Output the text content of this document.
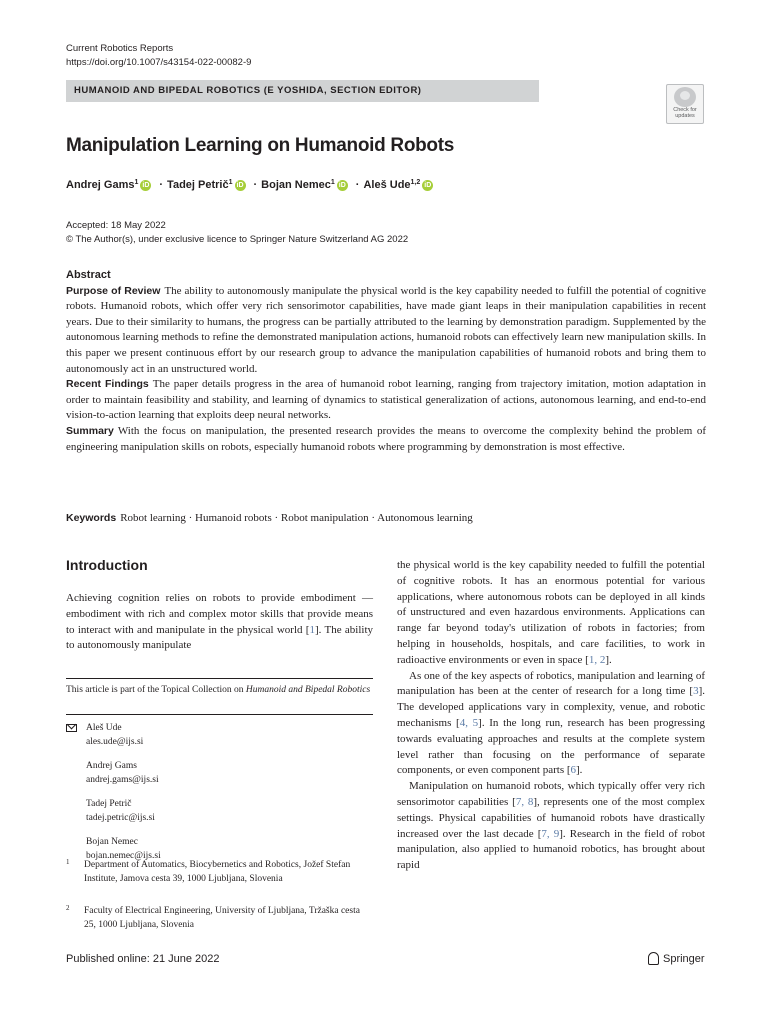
Current Robotics Reports
https://doi.org/10.1007/s43154-022-00082-9
HUMANOID AND BIPEDAL ROBOTICS (E YOSHIDA, SECTION EDITOR)
Check for updates
Manipulation Learning on Humanoid Robots
Andrej Gams$^1$ iD · Tadej Petrič$^1$ iD · Bojan Nemec$^1$ iD · Aleš Ude$^{1,2}$ iD
Accepted: 18 May 2022
© The Author(s), under exclusive licence to Springer Nature Switzerland AG 2022
Abstract
Purpose of Review The ability to autonomously manipulate the physical world is the key capability needed to fulfill the potential of cognitive robots. Humanoid robots, which offer very rich sensorimotor capabilities, have made giant leaps in their manipulation capabilities in recent years. Due to their similarity to humans, the progress can be partially attributed to the learning by demonstration paradigm. Supplemented by the autonomous learning methods to refine the demonstrated manipulation actions, humanoid robots can effectively learn new manipulation skills. In this paper we present continuous effort by our research group to advance the manipulation capabilities of humanoid robots and bring them to autonomously act in an unstructured world.
Recent Findings The paper details progress in the area of humanoid robot learning, ranging from trajectory imitation, motion adaptation in order to maintain feasibility and stability, and learning of dynamics to statistical generalization of actions, autonomous learning, and end-to-end vision-to-action learning that exploits deep neural networks.
Summary With the focus on manipulation, the presented research provides the means to overcome the complexity behind the problem of engineering manipulation skills on robots, especially humanoid robots where programming by demonstration is most effective.
Keywords Robot learning · Humanoid robots · Robot manipulation · Autonomous learning
Introduction

Achieving cognition relies on robots to provide embodiment — embodiment with rich and complex motor skills that provide means to interact with and manipulate in the physical world [1]. The ability to autonomously manipulate

This article is part of the Topical Collection on Humanoid and Bipedal Robotics
Aleš Ude
ales.ude@ijs.si
Andrej Gams
andrej.gams@ijs.si
Tadej Petrič
tadej.petric@ijs.si
Bojan Nemec
bojan.nemec@ijs.si
1	Department of Automatics, Biocybernetics and Robotics, Jožef Stefan Institute, Jamova cesta 39, 1000 Ljubljana, Slovenia
2	Faculty of Electrical Engineering, University of Ljubljana, Tržaška cesta 25, 1000 Ljubljana, Slovenia

the physical world is the key capability needed to fulfill the potential of cognitive robots. It has an enormous potential for various applications, where autonomous robots can be deployed in all kinds of unstructured and even hazardous environments. Applications can range far beyond today's utilization of robots in factories; from helping in households, hospitals, and care facilities, to work in radioactive environments or even in space [1, 2].

As one of the key aspects of robotics, manipulation and learning of manipulation has been at the center of research for a long time [3]. The developed applications vary in complexity, venue, and robotic mechanisms [4, 5]. In the long run, research has been progressing towards evaluating approaches and results at the complete system level rather than focusing on the performance of separate components, or even component parts [6].

Manipulation on humanoid robots, which typically offer very rich sensorimotor capabilities [7, 8], represents one of the most complex settings. Physical capabilities of humanoid robots have drastically increased over the last decade [7, 9]. Research in the field of robot manipulation, also applied to humanoid robotics, has brought about rapid

Published online: 21 June 2022	Springer
